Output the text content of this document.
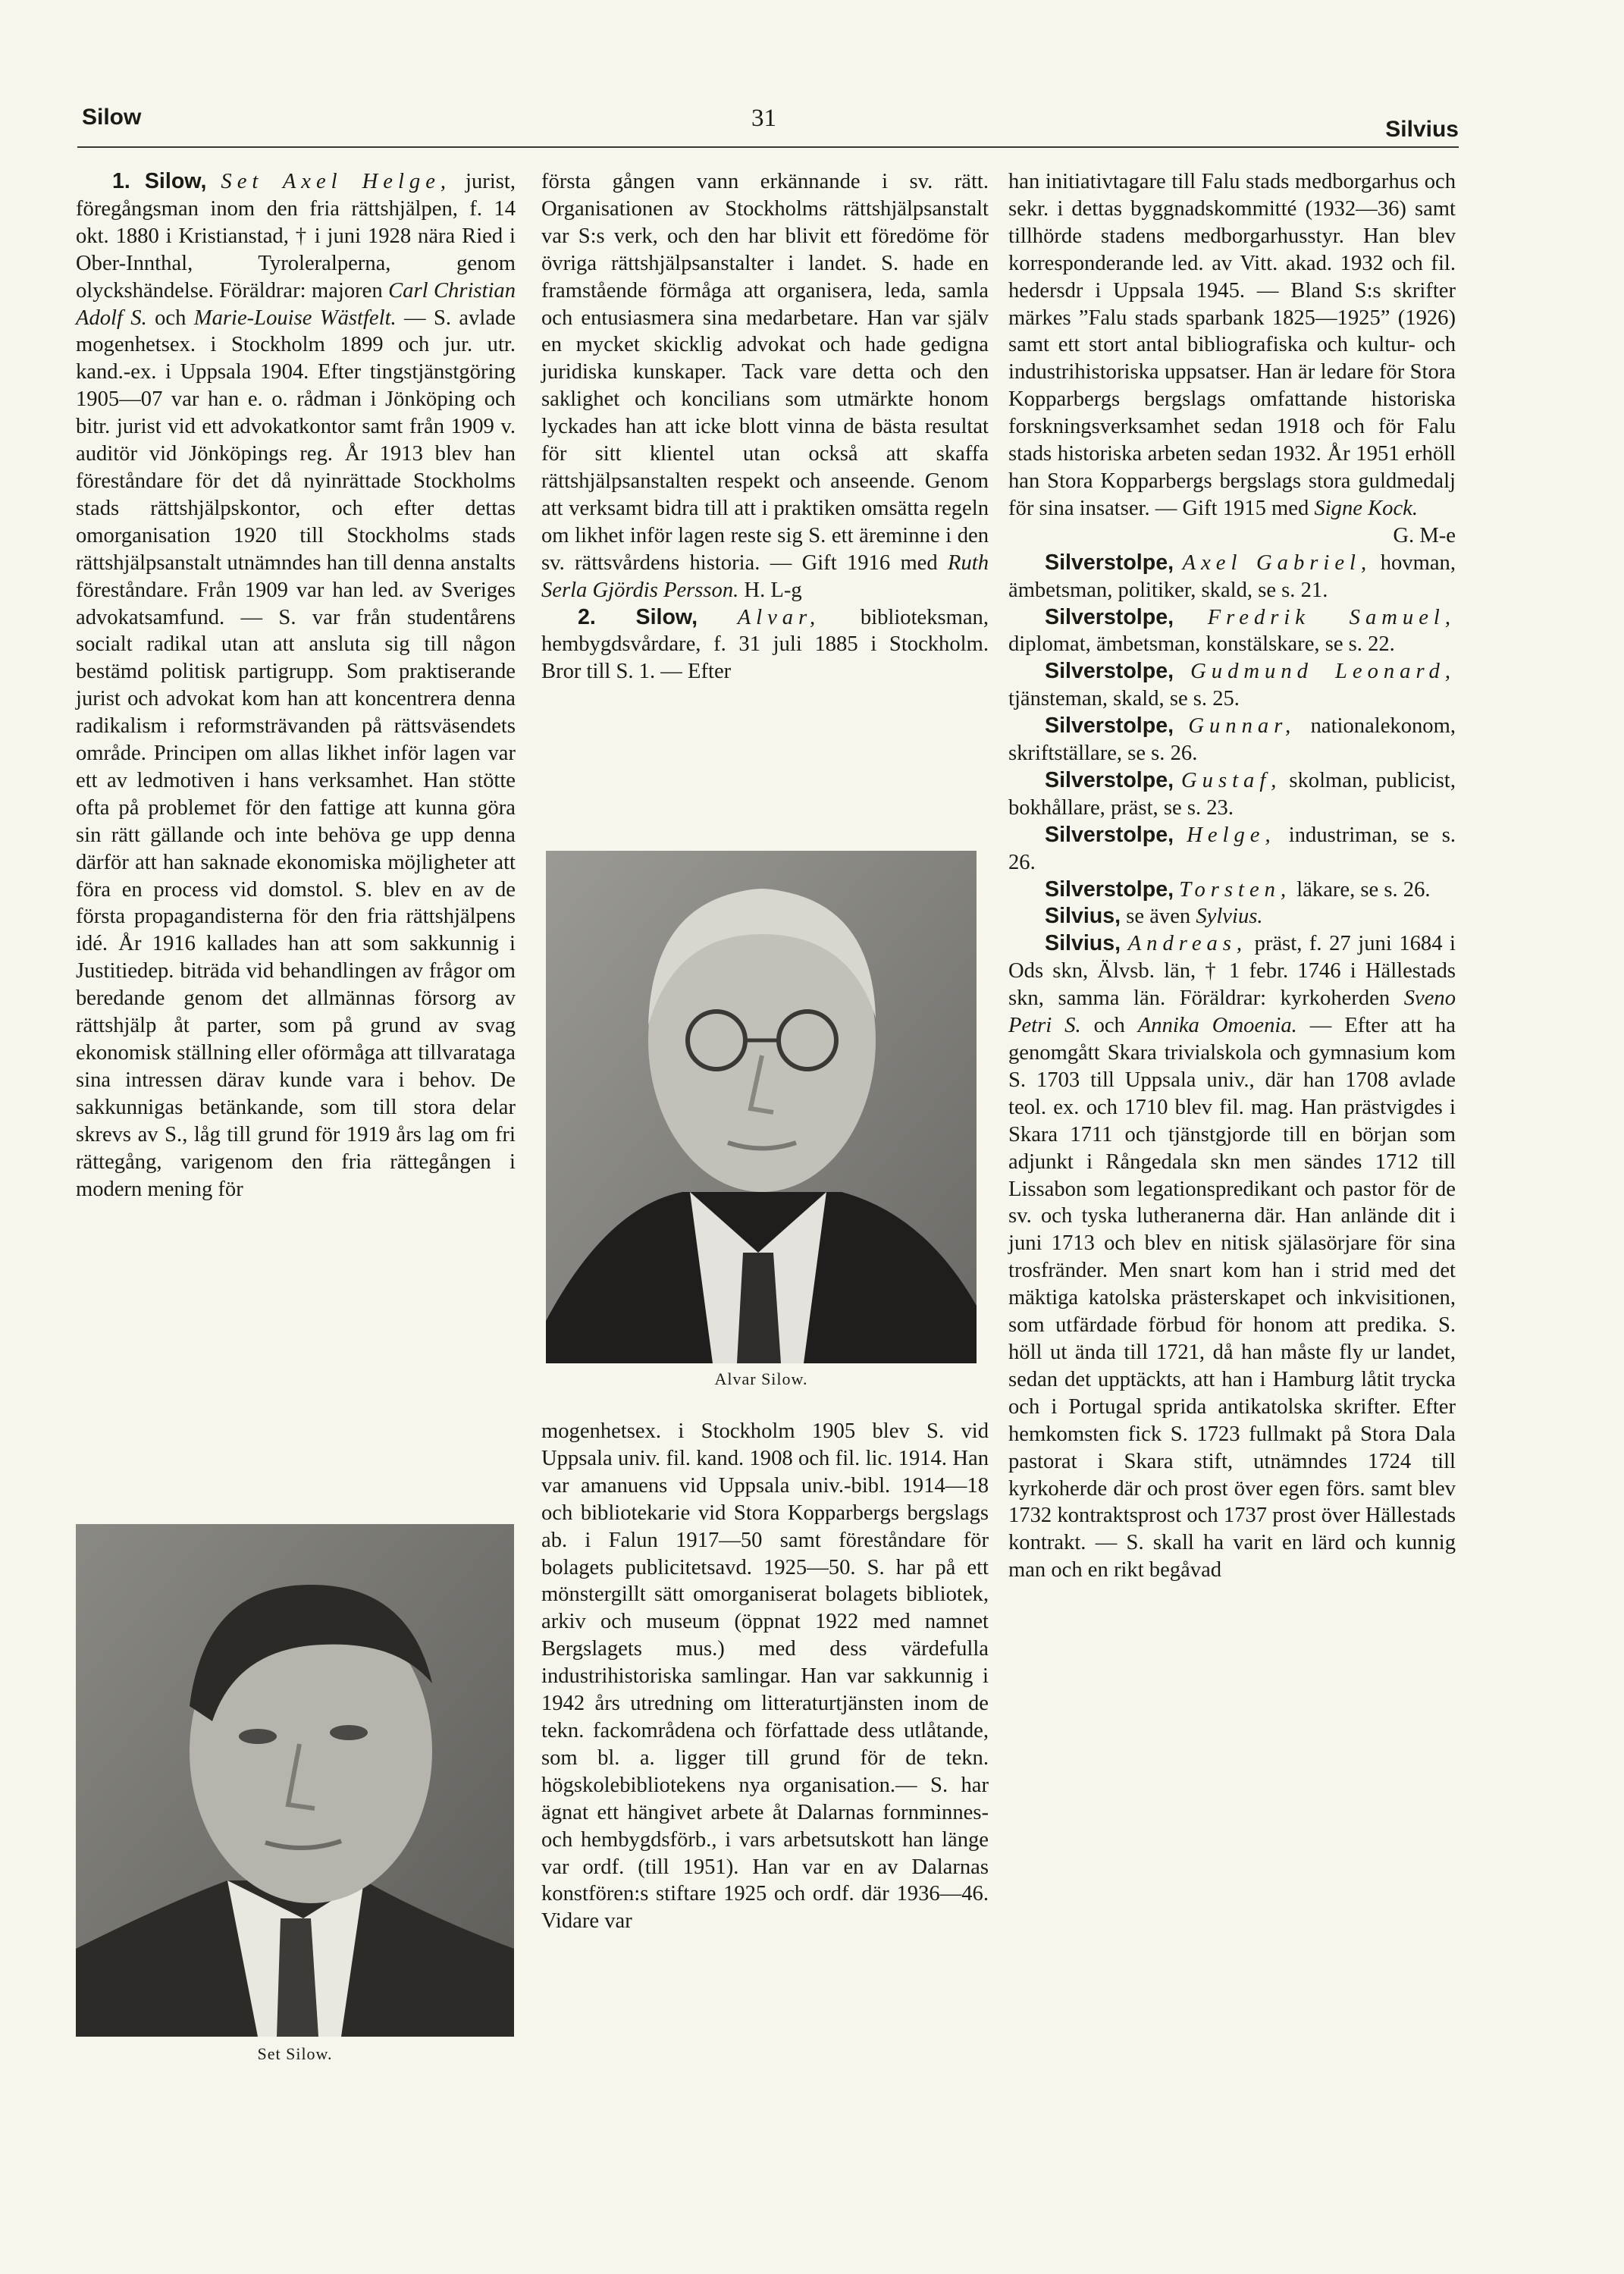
Silow	31	Silvius

1. Silow, Set Axel Helge, jurist, föregångsman inom den fria rättshjälpen, f. 14 okt. 1880 i Kristianstad, † i juni 1928 nära Ried i Ober-Innthal, Tyroleralperna, genom olyckshändelse. Föräldrar: majoren Carl Christian Adolf S. och Marie-Louise Wästfelt. — S. avlade mogenhetsex. i Stockholm 1899 och jur. utr. kand.-ex. i Uppsala 1904. Efter tingstjänstgöring 1905—07 var han e. o. rådman i Jönköping och bitr. jurist vid ett advokatkontor samt från 1909 v. auditör vid Jönköpings reg. År 1913 blev han föreståndare för det då nyinrättade Stockholms stads rättshjälpskontor, och efter dettas omorganisation 1920 till Stockholms stads rättshjälpsanstalt utnämndes han till denna anstalts föreståndare. Från 1909 var han led. av Sveriges advokatsamfund. — S. var från studentårens socialt radikal utan att ansluta sig till någon bestämd politisk partigrupp. Som praktiserande jurist och advokat kom han att koncentrera denna radikalism i reformsträvanden på rättsväsendets område. Principen om allas likhet inför lagen var ett av ledmotiven i hans verksamhet. Han stötte ofta på problemet för den fattige att kunna göra sin rätt gällande och inte behöva ge upp denna därför att han saknade ekonomiska möjligheter att föra en process vid domstol. S. blev en av de första propagandisterna för den fria rättshjälpens idé. År 1916 kallades han att som sakkunnig i Justitiedep. biträda vid behandlingen av frågor om beredande genom det allmännas försorg av rättshjälp åt parter, som på grund av svag ekonomisk ställning eller oförmåga att tillvarataga sina intressen därav kunde vara i behov. De sakkunnigas betänkande, som till stora delar skrevs av S., låg till grund för 1919 års lag om fri rättegång, varigenom den fria rättegången i modern mening för

Set Silow.

första gången vann erkännande i sv. rätt. Organisationen av Stockholms rättshjälpsanstalt var S:s verk, och den har blivit ett föredöme för övriga rättshjälpsanstalter i landet. S. hade en framstående förmåga att organisera, leda, samla och entusiasmera sina medarbetare. Han var själv en mycket skicklig advokat och hade gedigna juridiska kunskaper. Tack vare detta och den saklighet och koncilians som utmärkte honom lyckades han att icke blott vinna de bästa resultat för sitt klientel utan också att skaffa rättshjälpsanstalten respekt och anseende. Genom att verksamt bidra till att i praktiken omsätta regeln om likhet inför lagen reste sig S. ett äreminne i den sv. rättsvårdens historia. — Gift 1916 med Ruth Serla Gjördis Persson. H. L-g

2. Silow, Alvar, biblioteksman, hembygdsvårdare, f. 31 juli 1885 i Stockholm. Bror till S. 1. — Efter

Alvar Silow.

mogenhetsex. i Stockholm 1905 blev S. vid Uppsala univ. fil. kand. 1908 och fil. lic. 1914. Han var amanuens vid Uppsala univ.-bibl. 1914—18 och bibliotekarie vid Stora Kopparbergs bergslags ab. i Falun 1917—50 samt föreståndare för bolagets publicitetsavd. 1925—50. S. har på ett mönstergillt sätt omorganiserat bolagets bibliotek, arkiv och museum (öppnat 1922 med namnet Bergslagets mus.) med dess värdefulla industrihistoriska samlingar. Han var sakkunnig i 1942 års utredning om litteraturtjänsten inom de tekn. fackområdena och författade dess utlåtande, som bl. a. ligger till grund för de tekn. högskolebibliotekens nya organisation.— S. har ägnat ett hängivet arbete åt Dalarnas fornminnes- och hembygdsförb., i vars arbetsutskott han länge var ordf. (till 1951). Han var en av Dalarnas konstfören:s stiftare 1925 och ordf. där 1936—46. Vidare var

han initiativtagare till Falu stads medborgarhus och sekr. i dettas byggnadskommitté (1932—36) samt tillhörde stadens medborgarhusstyr. Han blev korresponderande led. av Vitt. akad. 1932 och fil. hedersdr i Uppsala 1945. — Bland S:s skrifter märkes ”Falu stads sparbank 1825—1925” (1926) samt ett stort antal bibliografiska och kultur- och industrihistoriska uppsatser. Han är ledare för Stora Kopparbergs bergslags omfattande historiska forskningsverksamhet sedan 1918 och för Falu stads historiska arbeten sedan 1932. År 1951 erhöll han Stora Kopparbergs bergslags stora guldmedalj för sina insatser. — Gift 1915 med Signe Kock.

G. M-e

Silverstolpe, Axel Gabriel, hovman, ämbetsman, politiker, skald, se s. 21.

Silverstolpe, Fredrik Samuel, diplomat, ämbetsman, konstälskare, se s. 22.

Silverstolpe, Gudmund Leonard, tjänsteman, skald, se s. 25.

Silverstolpe, Gunnar, nationalekonom, skriftställare, se s. 26.

Silverstolpe, Gustaf, skolman, publicist, bokhållare, präst, se s. 23.

Silverstolpe, Helge, industriman, se s. 26.

Silverstolpe, Torsten, läkare, se s. 26.

Silvius, se även Sylvius.

Silvius, Andreas, präst, f. 27 juni 1684 i Ods skn, Älvsb. län, † 1 febr. 1746 i Hällestads skn, samma län. Föräldrar: kyrkoherden Sveno Petri S. och Annika Omoenia. — Efter att ha genomgått Skara trivialskola och gymnasium kom S. 1703 till Uppsala univ., där han 1708 avlade teol. ex. och 1710 blev fil. mag. Han prästvigdes i Skara 1711 och tjänstgjorde till en början som adjunkt i Rångedala skn men sändes 1712 till Lissabon som legationspredikant och pastor för de sv. och tyska lutheranerna där. Han anlände dit i juni 1713 och blev en nitisk själasörjare för sina trosfränder. Men snart kom han i strid med det mäktiga katolska prästerskapet och inkvisitionen, som utfärdade förbud för honom att predika. S. höll ut ända till 1721, då han måste fly ur landet, sedan det upptäckts, att han i Hamburg låtit trycka och i Portugal sprida antikatolska skrifter. Efter hemkomsten fick S. 1723 fullmakt på Stora Dala pastorat i Skara stift, utnämndes 1724 till kyrkoherde där och prost över egen förs. samt blev 1732 kontraktsprost och 1737 prost över Hällestads kontrakt. — S. skall ha varit en lärd och kunnig man och en rikt begåvad
